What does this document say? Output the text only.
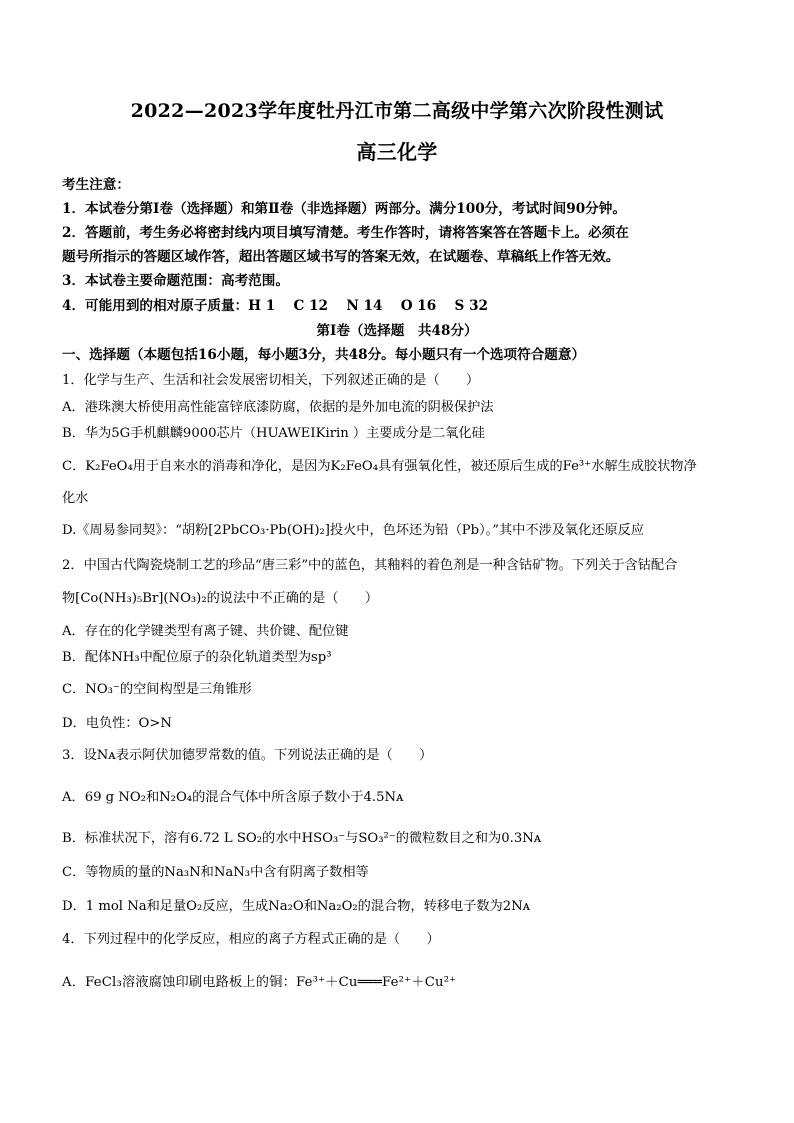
2022—2023学年度牡丹江市第二高级中学第六次阶段性测试
高三化学
考生注意：
1．本试卷分第Ⅰ卷（选择题）和第Ⅱ卷（非选择题）两部分。满分100分，考试时间90分钟。
2．答题前，考生务必将密封线内项目填写清楚。考生作答时，请将答案答在答题卡上。必须在
题号所指示的答题区域作答，超出答题区域书写的答案无效，在试题卷、草稿纸上作答无效。
3．本试卷主要命题范围：高考范围。
4．可能用到的相对原子质量：H 1　 C 12　 N 14　 O 16　 S 32
第Ⅰ卷（选择题　共48分）
一、选择题（本题包括16小题，每小题3分，共48分。每小题只有一个选项符合题意）
1．化学与生产、生活和社会发展密切相关，下列叙述正确的是（　　）
A．港珠澳大桥使用高性能富锌底漆防腐，依据的是外加电流的阴极保护法
B．华为5G手机麒麟9000芯片（HUAWEIKirin ）主要成分是二氧化硅
C．K₂FeO₄用于自来水的消毒和净化，是因为K₂FeO₄具有强氧化性，被还原后生成的Fe³⁺水解生成胶状物净
化水
D.《周易参同契》：“胡粉[2PbCO₃·Pb(OH)₂]投火中，色坏还为铅（Pb）。”其中不涉及氧化还原反应
2．中国古代陶瓷烧制工艺的珍品“唐三彩”中的蓝色，其釉料的着色剂是一种含钴矿物。下列关于含钴配合
物[Co(NH₃)₅Br](NO₃)₂的说法中不正确的是（　　）
A．存在的化学键类型有离子键、共价键、配位键
B．配体NH₃中配位原子的杂化轨道类型为sp³
C．NO₃⁻的空间构型是三角锥形
D．电负性：O>N
3．设Nᴀ表示阿伏加德罗常数的值。下列说法正确的是（　　）
A．69 g NO₂和N₂O₄的混合气体中所含原子数小于4.5Nᴀ
B．标准状况下，溶有6.72 L SO₂的水中HSO₃⁻与SO₃²⁻的微粒数目之和为0.3Nᴀ
C．等物质的量的Na₃N和NaN₃中含有阴离子数相等
D．1 mol Na和足量O₂反应，生成Na₂O和Na₂O₂的混合物，转移电子数为2Nᴀ
4．下列过程中的化学反应，相应的离子方程式正确的是（　　）
A．FeCl₃溶液腐蚀印刷电路板上的铜：Fe³⁺＋Cu═══Fe²⁺＋Cu²⁺
